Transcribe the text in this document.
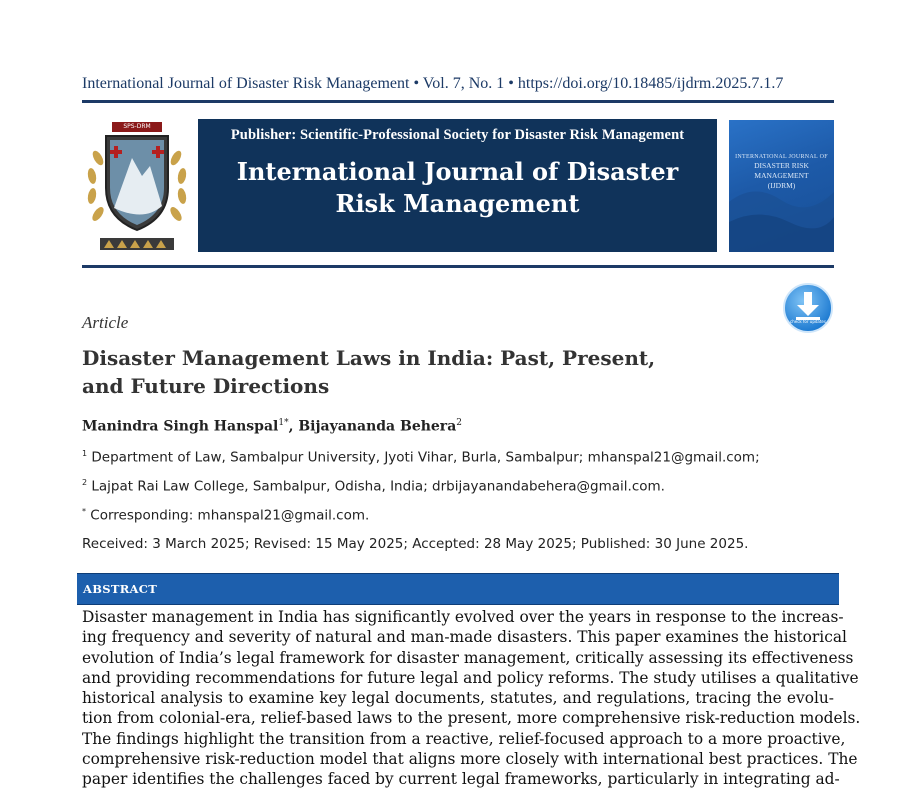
International Journal of Disaster Risk Management • Vol. 7, No. 1 • https://doi.org/10.18485/ijdrm.2025.7.1.7
SPS-DRM
Publisher: Scientific-Professional Society for Disaster Risk Management
International Journal of Disaster
Risk Management
INTERNATIONAL JOURNAL OF
DISASTER RISK
MANAGEMENT
(IJDRM)
check for updates
Article
Disaster Management Laws in India: Past, Present,
and Future Directions
Manindra Singh Hanspal$^{1*}$, Bijayananda Behera$^2$
$^1$ Department of Law, Sambalpur University, Jyoti Vihar, Burla, Sambalpur; mhanspal21@gmail.com;
$^2$ Lajpat Rai Law College, Sambalpur, Odisha, India; drbijayanandabehera@gmail.com.
* Corresponding: mhanspal21@gmail.com.
Received: 3 March 2025; Revised: 15 May 2025; Accepted: 28 May 2025; Published: 30 June 2025.
ABSTRACT
Disaster management in India has significantly evolved over the years in response to the increas-
ing frequency and severity of natural and man-made disasters. This paper examines the historical
evolution of India’s legal framework for disaster management, critically assessing its effectiveness
and providing recommendations for future legal and policy reforms. The study utilises a qualitative
historical analysis to examine key legal documents, statutes, and regulations, tracing the evolu-
tion from colonial-era, relief-based laws to the present, more comprehensive risk-reduction models.
The findings highlight the transition from a reactive, relief-focused approach to a more proactive,
comprehensive risk-reduction model that aligns more closely with international best practices. The
paper identifies the challenges faced by current legal frameworks, particularly in integrating ad-
